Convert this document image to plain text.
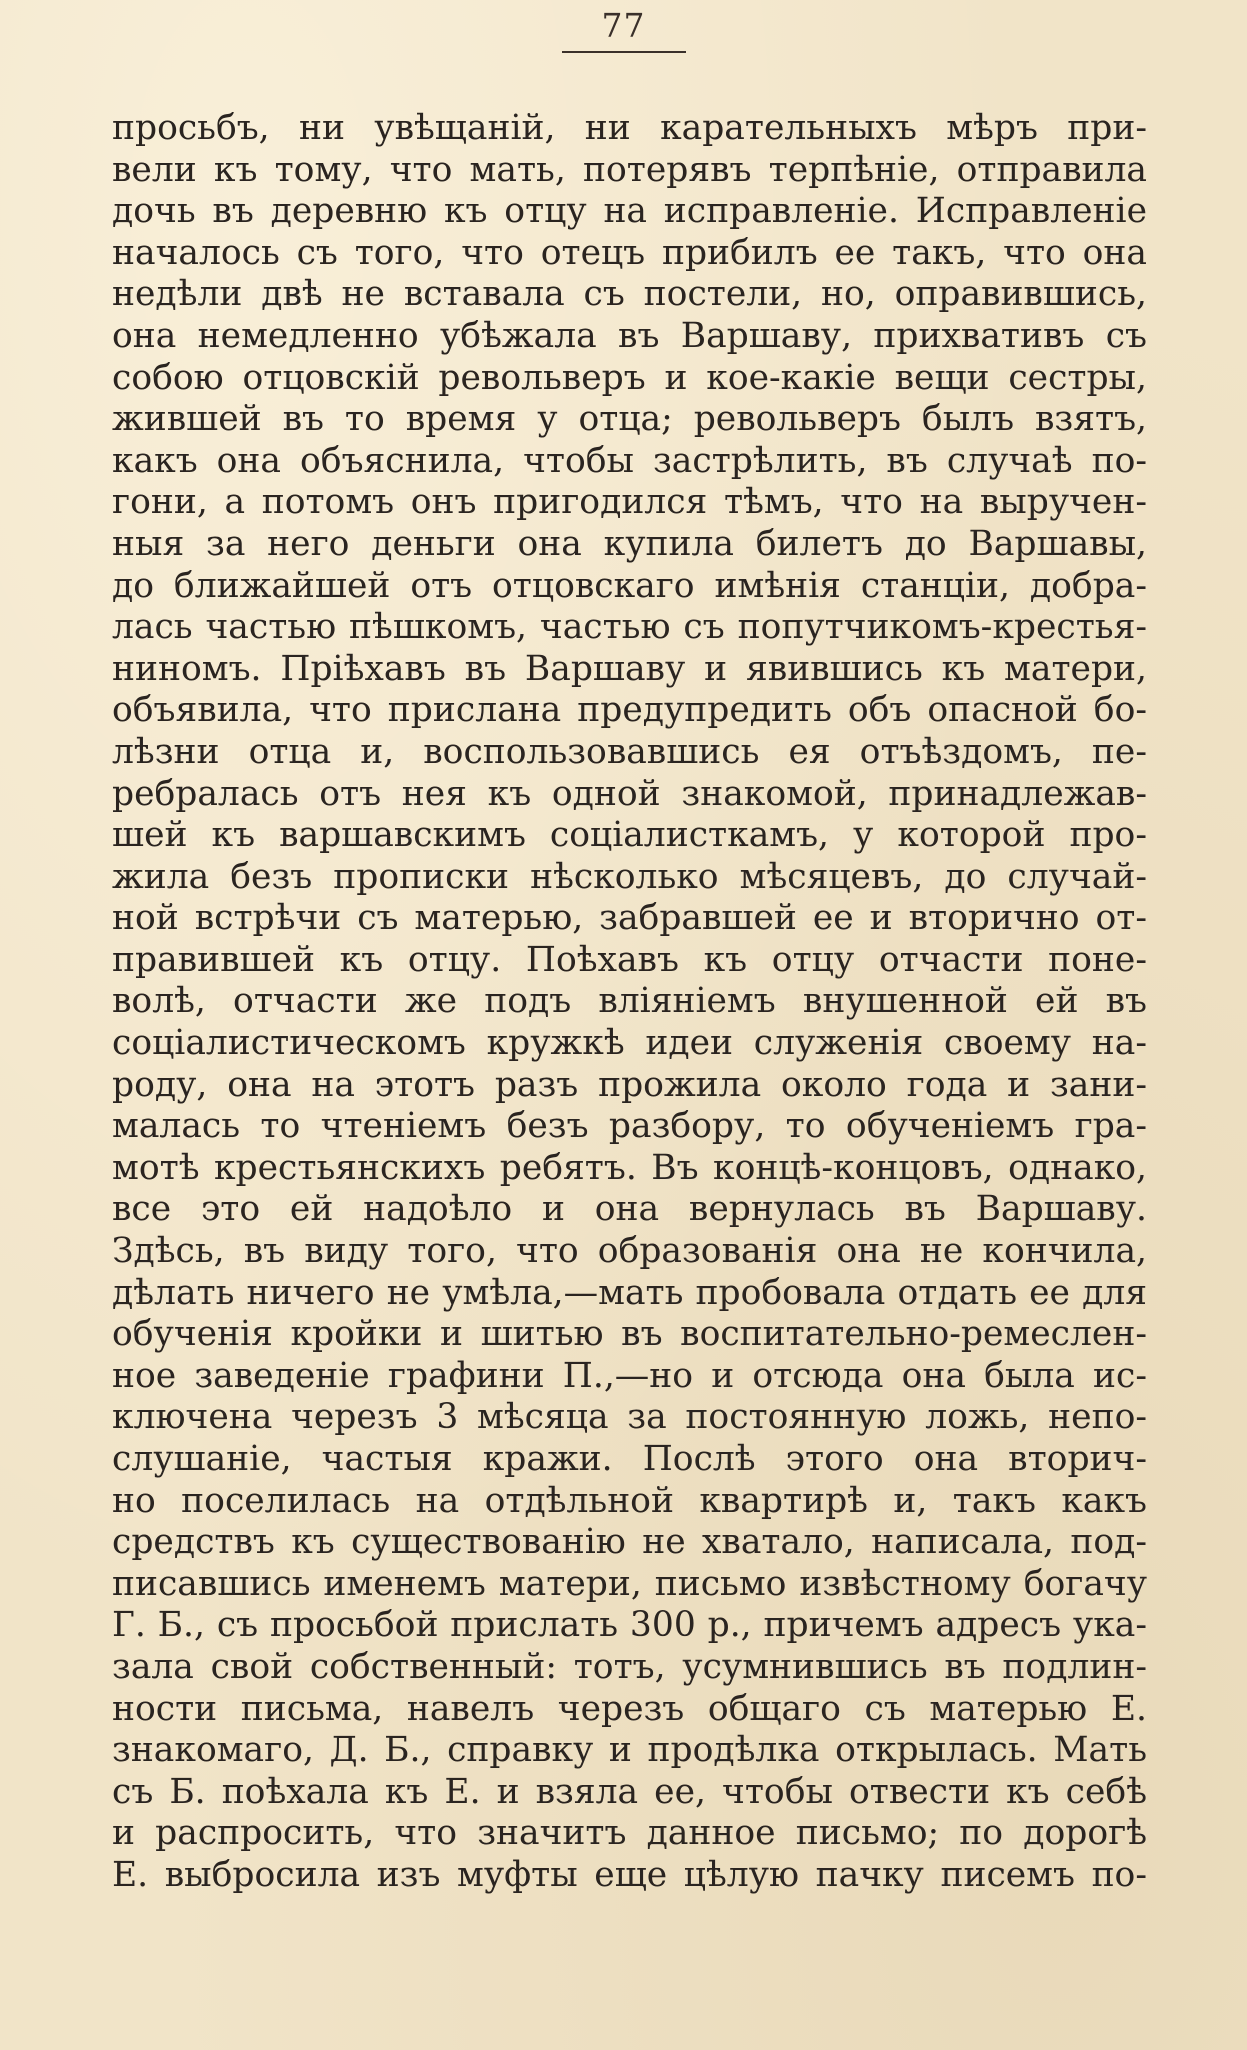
77
просьбъ, ни увѣщаній, ни карательныхъ мѣръ при-
вели къ тому, что мать, потерявъ терпѣніе, отправила
дочь въ деревню къ отцу на исправленіе. Исправленіе
началось съ того, что отецъ прибилъ ее такъ, что она
недѣли двѣ не вставала съ постели, но, оправившись,
она немедленно убѣжала въ Варшаву, прихвативъ съ
собою отцовскій револьверъ и кое-какіе вещи сестры,
жившей въ то время у отца; револьверъ былъ взятъ,
какъ она объяснила, чтобы застрѣлить, въ случаѣ по-
гони, а потомъ онъ пригодился тѣмъ, что на выручен-
ныя за него деньги она купила билетъ до Варшавы,
до ближайшей отъ отцовскаго имѣнія станціи, добра-
лась частью пѣшкомъ, частью съ попутчикомъ-крестья-
ниномъ. Пріѣхавъ въ Варшаву и явившись къ матери,
объявила, что прислана предупредить объ опасной бо-
лѣзни отца и, воспользовавшись ея отъѣздомъ, пе-
ребралась отъ нея къ одной знакомой, принадлежав-
шей къ варшавскимъ соціалисткамъ, у которой про-
жила безъ прописки нѣсколько мѣсяцевъ, до случай-
ной встрѣчи съ матерью, забравшей ее и вторично от-
правившей къ отцу. Поѣхавъ къ отцу отчасти поне-
волѣ, отчасти же подъ вліяніемъ внушенной ей въ
соціалистическомъ кружкѣ идеи служенія своему на-
роду, она на этотъ разъ прожила около года и зани-
малась то чтеніемъ безъ разбору, то обученіемъ гра-
мотѣ крестьянскихъ ребятъ. Въ концѣ-концовъ, однако,
все это ей надоѣло и она вернулась въ Варшаву.
Здѣсь, въ виду того, что образованія она не кончила,
дѣлать ничего не умѣла,—мать пробовала отдать ее для
обученія кройки и шитью въ воспитательно-ремеслен-
ное заведеніе графини П.,—но и отсюда она была ис-
ключена черезъ 3 мѣсяца за постоянную ложь, непо-
слушаніе, частыя кражи. Послѣ этого она вторич-
но поселилась на отдѣльной квартирѣ и, такъ какъ
средствъ къ существованію не хватало, написала, под-
писавшись именемъ матери, письмо извѣстному богачу
Г. Б., съ просьбой прислать 300 р., причемъ адресъ ука-
зала свой собственный: тотъ, усумнившись въ подлин-
ности письма, навелъ черезъ общаго съ матерью Е.
знакомаго, Д. Б., справку и продѣлка открылась. Мать
съ Б. поѣхала къ Е. и взяла ее, чтобы отвести къ себѣ
и распросить, что значитъ данное письмо; по дорогѣ
Е. выбросила изъ муфты еще цѣлую пачку писемъ по-
